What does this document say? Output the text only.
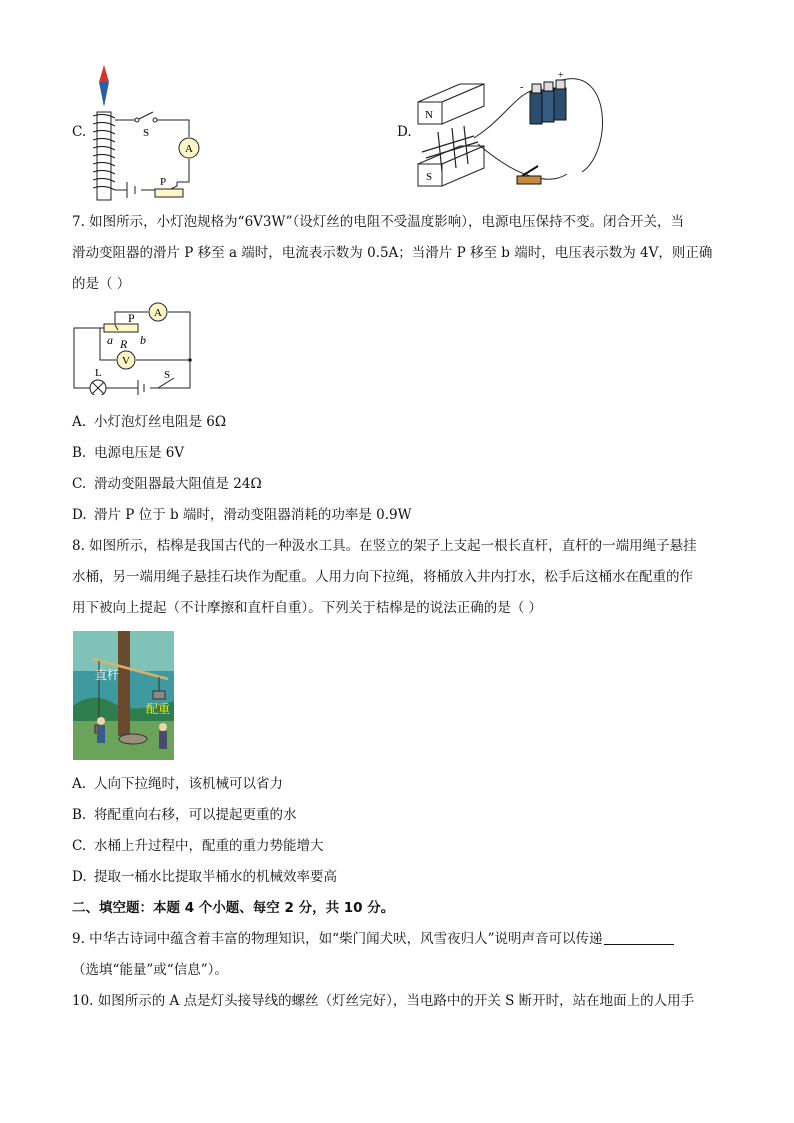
C.	S
A
P
D.
N
S
-
+
7. 如图所示，小灯泡规格为“6V3W”（设灯丝的电阻不受温度影响），电源电压保持不变。闭合开关，当
滑动变阻器的滑片 P 移至 a 端时，电流表示数为 0.5A；当滑片 P 移至 b 端时，电压表示数为 4V，则正确
的是（ ）
P
a R b
A
V
L	S
A. 小灯泡灯丝电阻是 6Ω
B. 电源电压是 6V
C. 滑动变阻器最大阻值是 24Ω
D. 滑片 P 位于 b 端时，滑动变阻器消耗的功率是 0.9W
8. 如图所示，桔槔是我国古代的一种汲水工具。在竖立的架子上支起一根长直杆，直杆的一端用绳子悬挂
水桶，另一端用绳子悬挂石块作为配重。人用力向下拉绳，将桶放入井内打水，松手后这桶水在配重的作
用下被向上提起（不计摩擦和直杆自重）。下列关于桔槔是的说法正确的是（ ）
直杆
配重
A. 人向下拉绳时，该机械可以省力
B. 将配重向右移，可以提起更重的水
C. 水桶上升过程中，配重的重力势能增大
D. 提取一桶水比提取半桶水的机械效率要高
二、填空题：本题 4 个小题、每空 2 分，共 10 分。
9. 中华古诗词中蕴含着丰富的物理知识，如“柴门闻犬吠，风雪夜归人”说明声音可以传递
（选填“能量”或“信息”）。
10. 如图所示的 A 点是灯头接导线的螺丝（灯丝完好），当电路中的开关 S 断开时，站在地面上的人用手
